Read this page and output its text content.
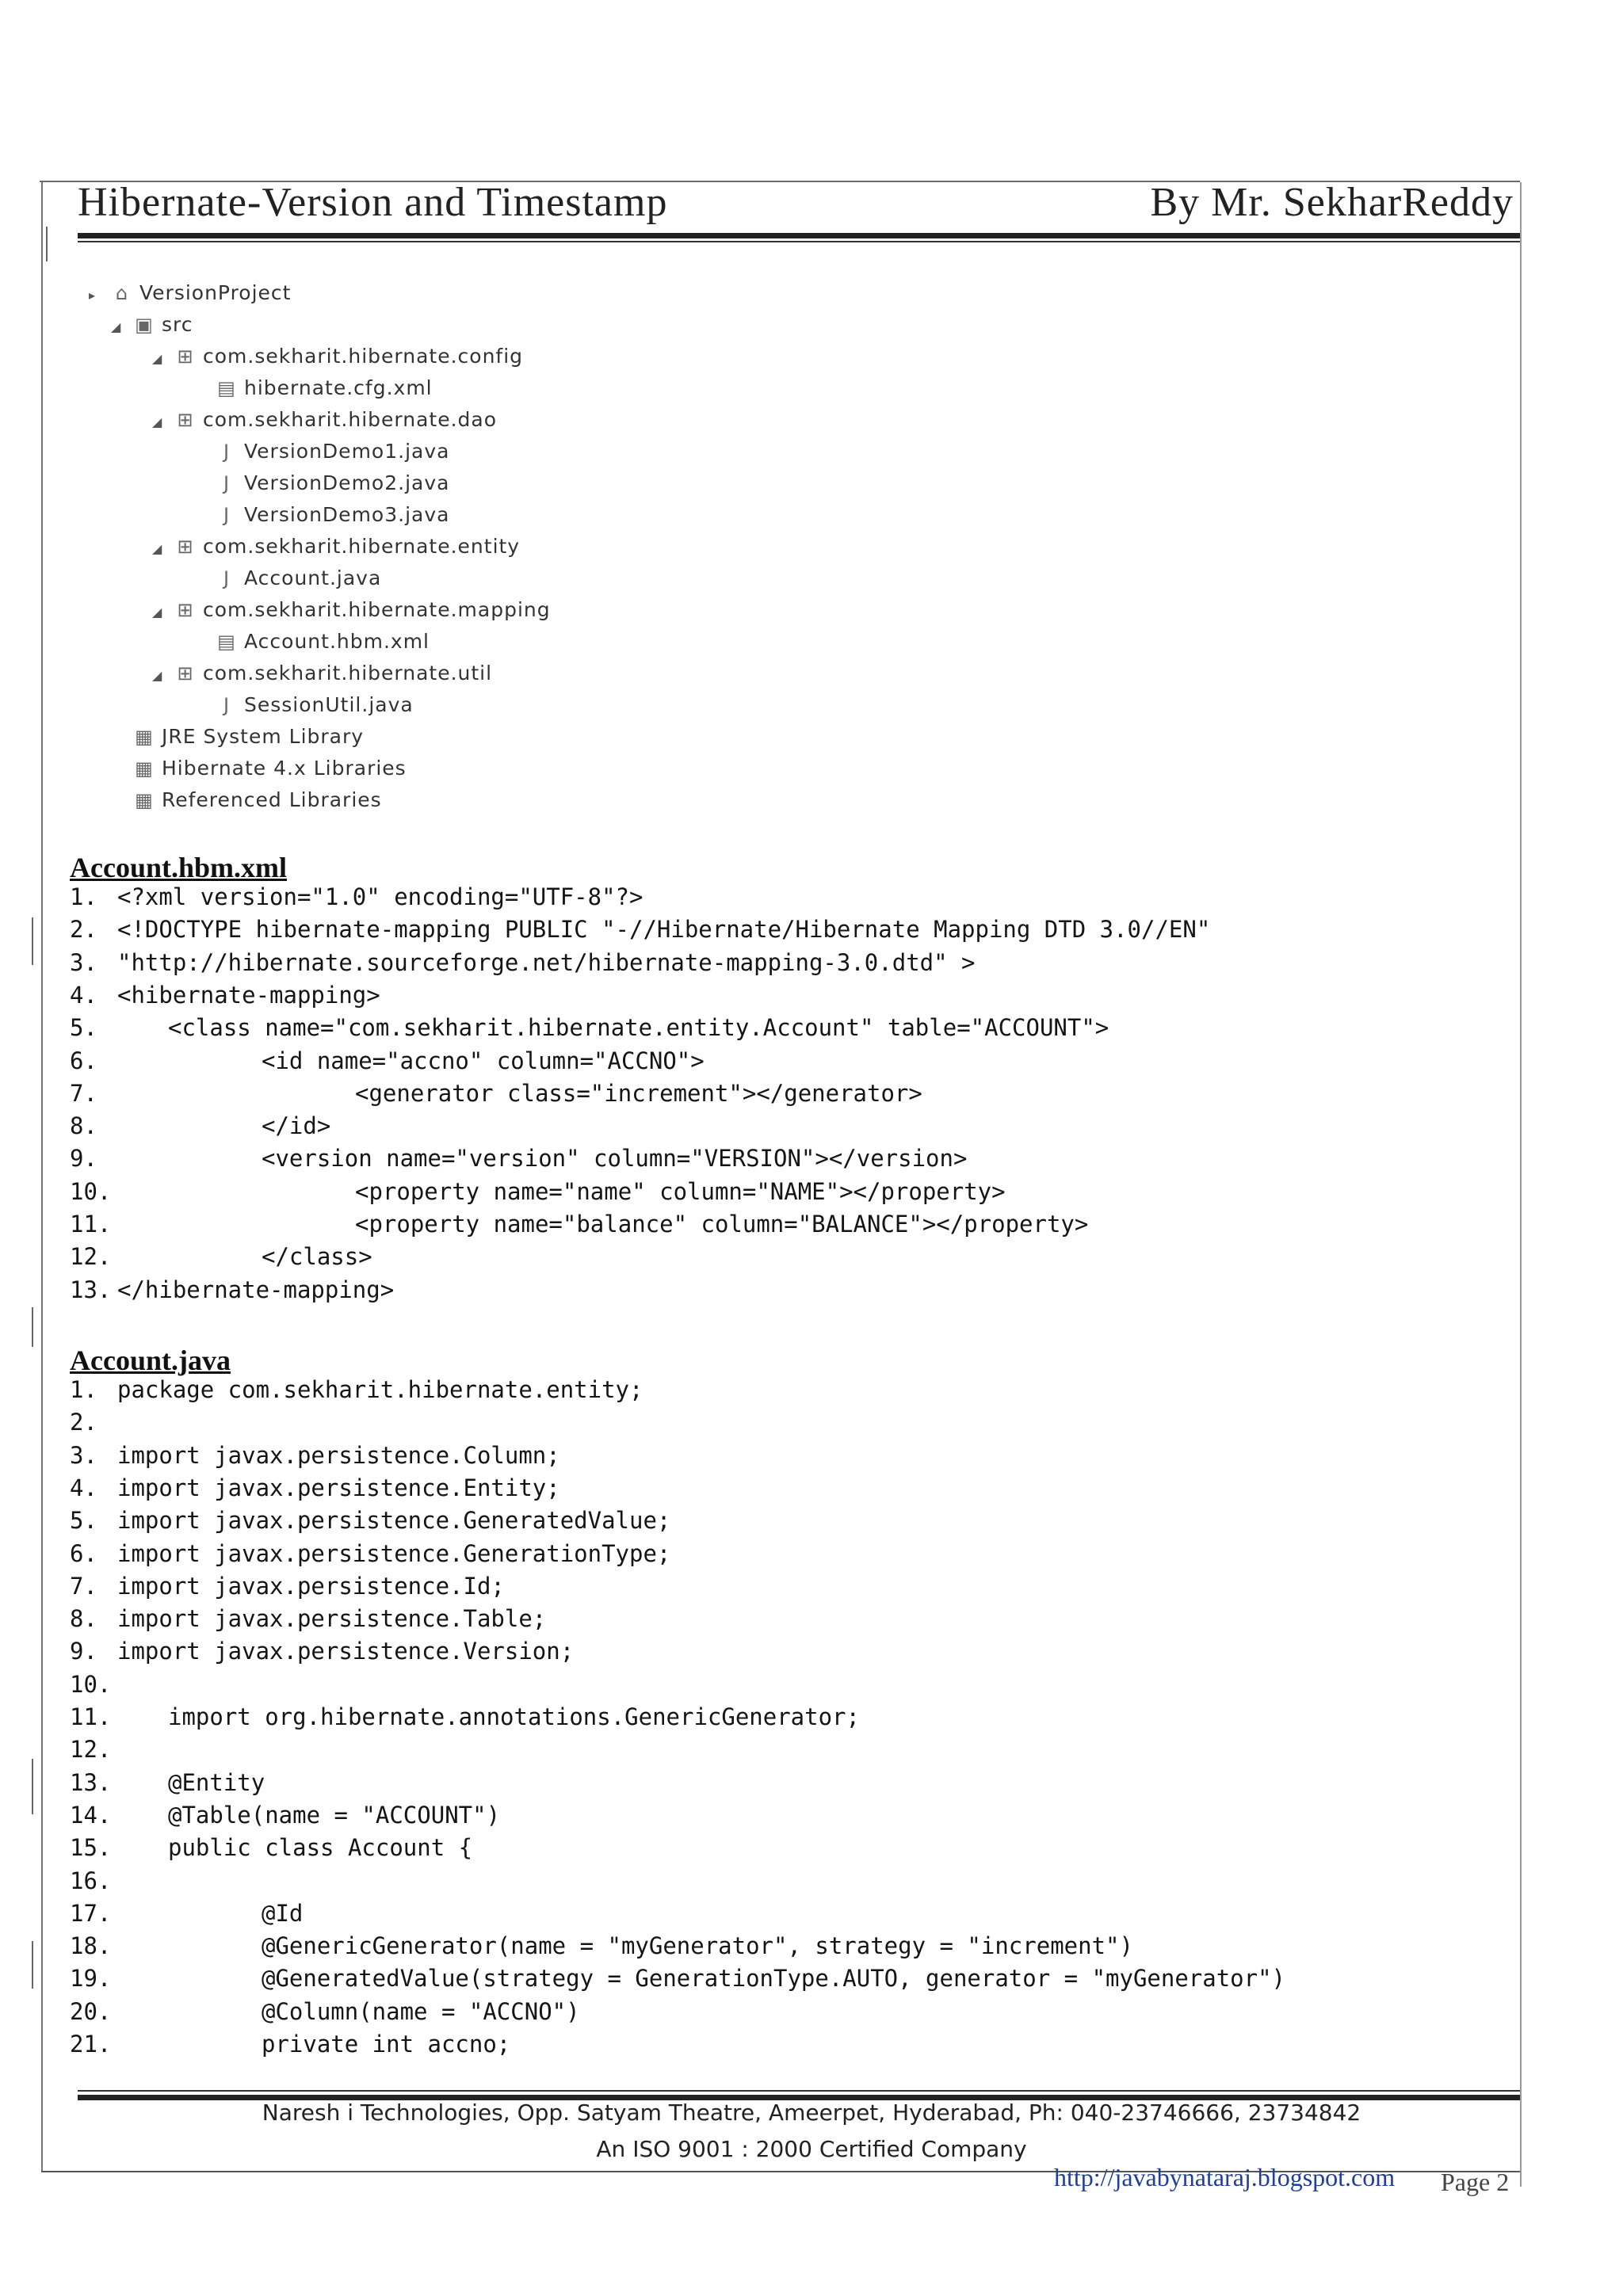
Hibernate-Version and Timestamp	By Mr. SekharReddy
▸ ⌂ VersionProject
◢ ▣ src
◢ ⊞ com.sekharit.hibernate.config
▤ hibernate.cfg.xml
◢ ⊞ com.sekharit.hibernate.dao
J VersionDemo1.java
J VersionDemo2.java
J VersionDemo3.java
◢ ⊞ com.sekharit.hibernate.entity
J Account.java
◢ ⊞ com.sekharit.hibernate.mapping
▤ Account.hbm.xml
◢ ⊞ com.sekharit.hibernate.util
J SessionUtil.java
▦ JRE System Library
▦ Hibernate 4.x Libraries
▦ Referenced Libraries
Account.hbm.xml
1. <?xml version="1.0" encoding="UTF-8"?>
2. <!DOCTYPE hibernate-mapping PUBLIC "-//Hibernate/Hibernate Mapping DTD 3.0//EN"
3. "http://hibernate.sourceforge.net/hibernate-mapping-3.0.dtd" >
4. <hibernate-mapping>
5.	<class name="com.sekharit.hibernate.entity.Account" table="ACCOUNT">
6.	<id name="accno" column="ACCNO">
7.	<generator class="increment"></generator>
8.	</id>
9.	<version name="version" column="VERSION"></version>
10.	<property name="name" column="NAME"></property>
11.	<property name="balance" column="BALANCE"></property>
12.	</class>
13. </hibernate-mapping>
Account.java
1. package com.sekharit.hibernate.entity;
2.
3. import javax.persistence.Column;
4. import javax.persistence.Entity;
5. import javax.persistence.GeneratedValue;
6. import javax.persistence.GenerationType;
7. import javax.persistence.Id;
8. import javax.persistence.Table;
9. import javax.persistence.Version;
10.
11. import org.hibernate.annotations.GenericGenerator;
12.
13. @Entity
14. @Table(name = "ACCOUNT")
15. public class Account {
16.
17.	@Id
18.	@GenericGenerator(name = "myGenerator", strategy = "increment")
19.	@GeneratedValue(strategy = GenerationType.AUTO, generator = "myGenerator")
20.	@Column(name = "ACCNO")
21.	private int accno;
Naresh i Technologies, Opp. Satyam Theatre, Ameerpet, Hyderabad, Ph: 040-23746666, 23734842
An ISO 9001 : 2000 Certified Company
http://javabynataraj.blogspot.com Page 2
